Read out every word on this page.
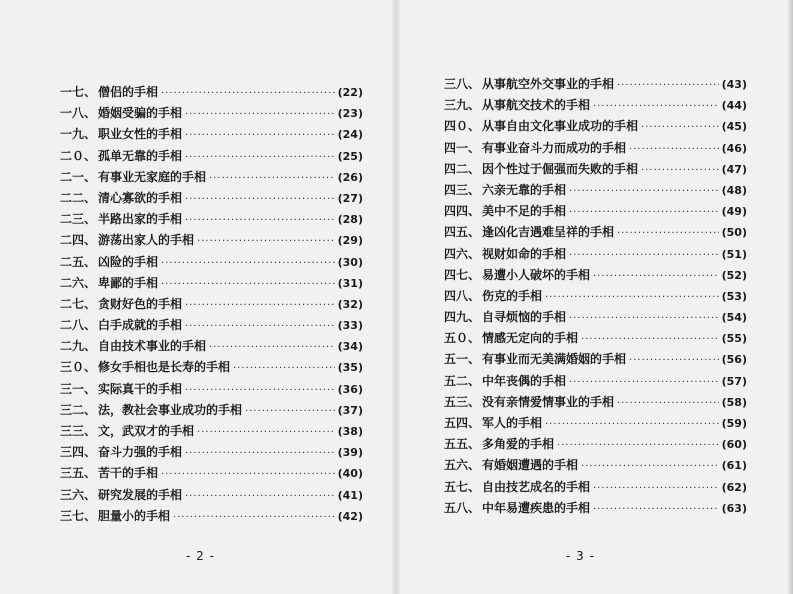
一七、 僧侣的手相 ·····	(22)
一八、 婚姻受骗的手相 ·····	(23)
一九、 职业女性的手相 ·····	(24)
二０、 孤单无靠的手相 ·····	(25)
二一、 有事业无家庭的手相 ·····	(26)
二二、 清心寡欲的手相 ·····	(27)
二三、 半路出家的手相 ·····	(28)
二四、 游荡出家人的手相 ·····	(29)
二五、 凶险的手相 ·····	(30)
二六、 卑鄙的手相 ·····	(31)
二七、 贪财好色的手相 ·····	(32)
二八、 白手成就的手相 ·····	(33)
二九、 自由技术事业的手相 ·····	(34)
三０、 修女手相也是长寿的手相 ·····	(35)
三一、 实际真干的手相 ·····	(36)
三二、 法，教社会事业成功的手相 ·····	(37)
三三、 文，武双才的手相 ·····	(38)
三四、 奋斗力强的手相 ·····	(39)
三五、 苦干的手相 ·····	(40)
三六、 研究发展的手相 ·····	(41)
三七、 胆量小的手相 ·····	(42)
- 2 -
三八、 从事航空外交事业的手相 ·····	(43)
三九、 从事航交技术的手相 ·····	(44)
四０、 从事自由文化事业成功的手相 ·····	(45)
四一、 有事业奋斗力而成功的手相 ·····	(46)
四二、 因个性过于倔强而失败的手相 ·····	(47)
四三、 六亲无靠的手相 ·····	(48)
四四、 美中不足的手相 ·····	(49)
四五、 逢凶化吉遇难呈祥的手相 ·····	(50)
四六、 视财如命的手相 ·····	(51)
四七、 易遭小人破坏的手相 ·····	(52)
四八、 伤克的手相 ·····	(53)
四九、 自寻烦恼的手相 ·····	(54)
五０、 情感无定向的手相 ·····	(55)
五一、 有事业而无美满婚姻的手相 ·····	(56)
五二、 中年丧偶的手相 ·····	(57)
五三、 没有亲情爱情事业的手相 ·····	(58)
五四、 军人的手相 ·····	(59)
五五、 多角爱的手相 ·····	(60)
五六、 有婚姻遭遇的手相 ·····	(61)
五七、 自由技艺成名的手相 ·····	(62)
五八、 中年易遭疾患的手相 ·····	(63)
- 3 -
